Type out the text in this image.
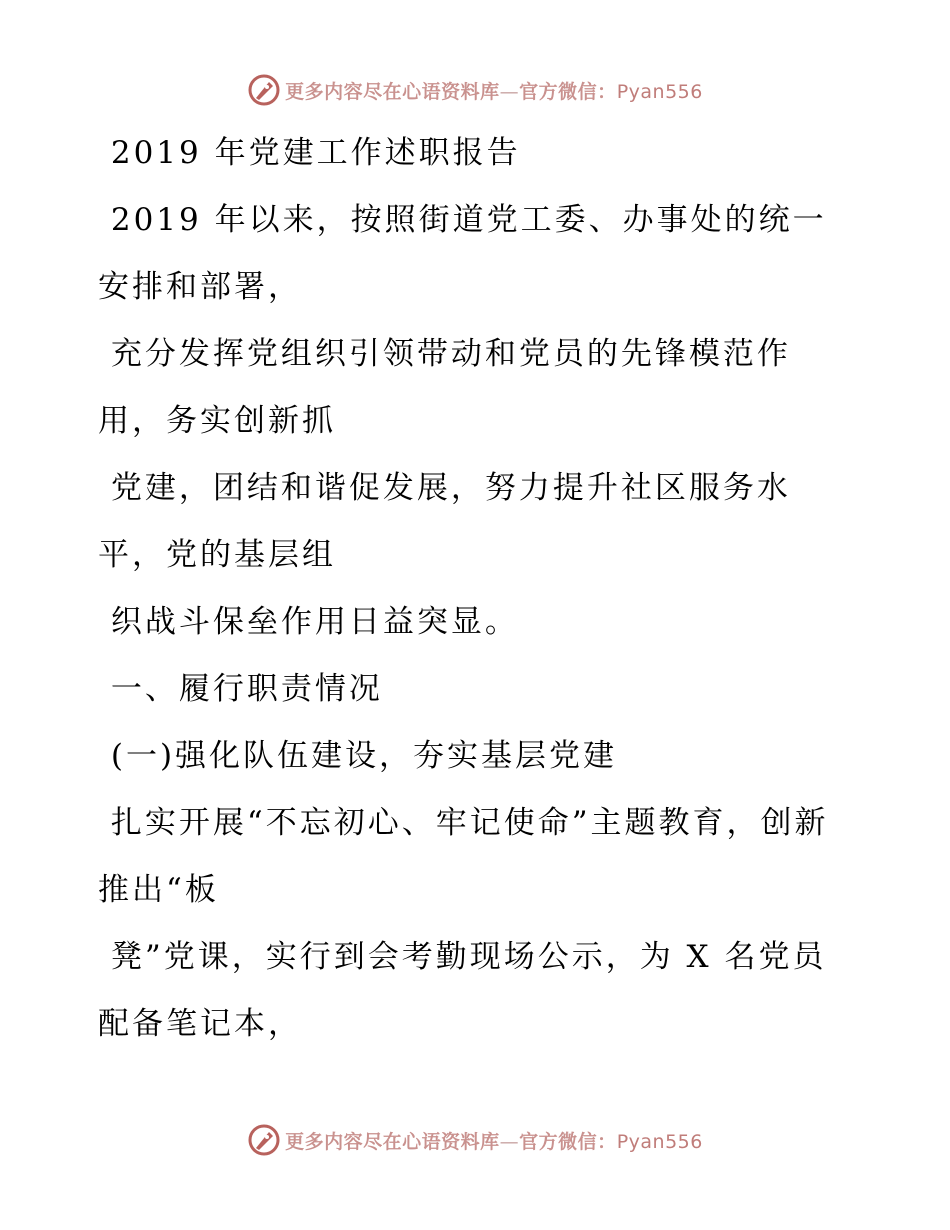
更多内容尽在心语资料库—官方微信：Pyan556

2019 年党建工作述职报告

2019 年以来，按照街道党工委、办事处的统一安排和部署，

充分发挥党组织引领带动和党员的先锋模范作用，务实创新抓

党建，团结和谐促发展，努力提升社区服务水平，党的基层组

织战斗保垒作用日益突显。

一、履行职责情况

(一)强化队伍建设，夯实基层党建

扎实开展“不忘初心、牢记使命”主题教育，创新推出“板

凳”党课，实行到会考勤现场公示，为 X 名党员配备笔记本，

更多内容尽在心语资料库—官方微信：Pyan556
